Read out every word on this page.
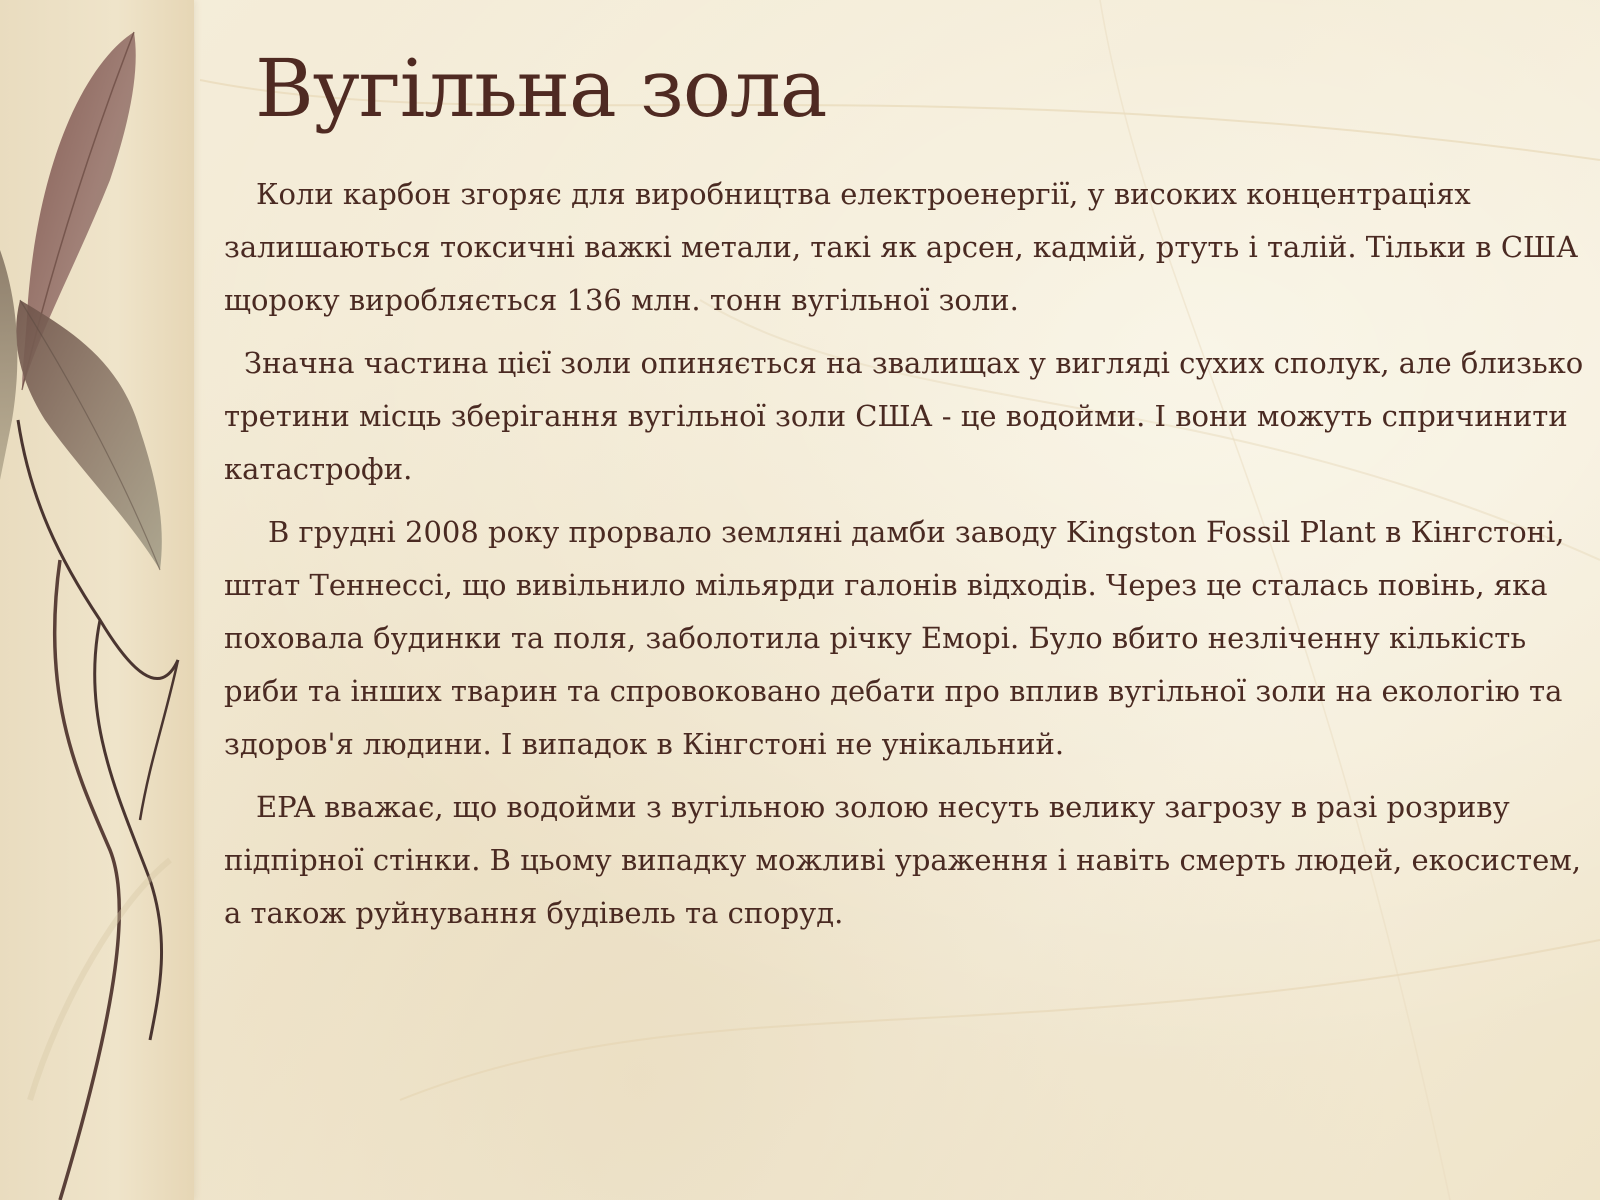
Вугільна зола

Коли карбон згоряє для виробництва електроенергії, у високих концентраціях залишаються токсичні важкі метали, такі як арсен, кадмій, ртуть і талій. Тільки в США щороку виробляється 136 млн. тонн вугільної золи.

Значна частина цієї золи опиняється на звалищах у вигляді сухих сполук, але близько третини місць зберігання вугільної золи США - це водойми. І вони можуть спричинити катастрофи.

В грудні 2008 року прорвало земляні дамби заводу Kingston Fossil Plant в Кінгстоні, штат Теннессі, що вивільнило мільярди галонів відходів. Через це сталась повінь, яка поховала будинки та поля, заболотила річку Еморі. Було вбито незліченну кількість риби та інших тварин та спровоковано дебати про вплив вугільної золи на екологію та здоров'я людини. І випадок в Кінгстоні не унікальний.

EPA вважає, що водойми з вугільною золою несуть велику загрозу в разі розриву підпірної стінки. В цьому випадку можливі ураження і навіть смерть людей, екосистем, а також руйнування будівель та споруд.
